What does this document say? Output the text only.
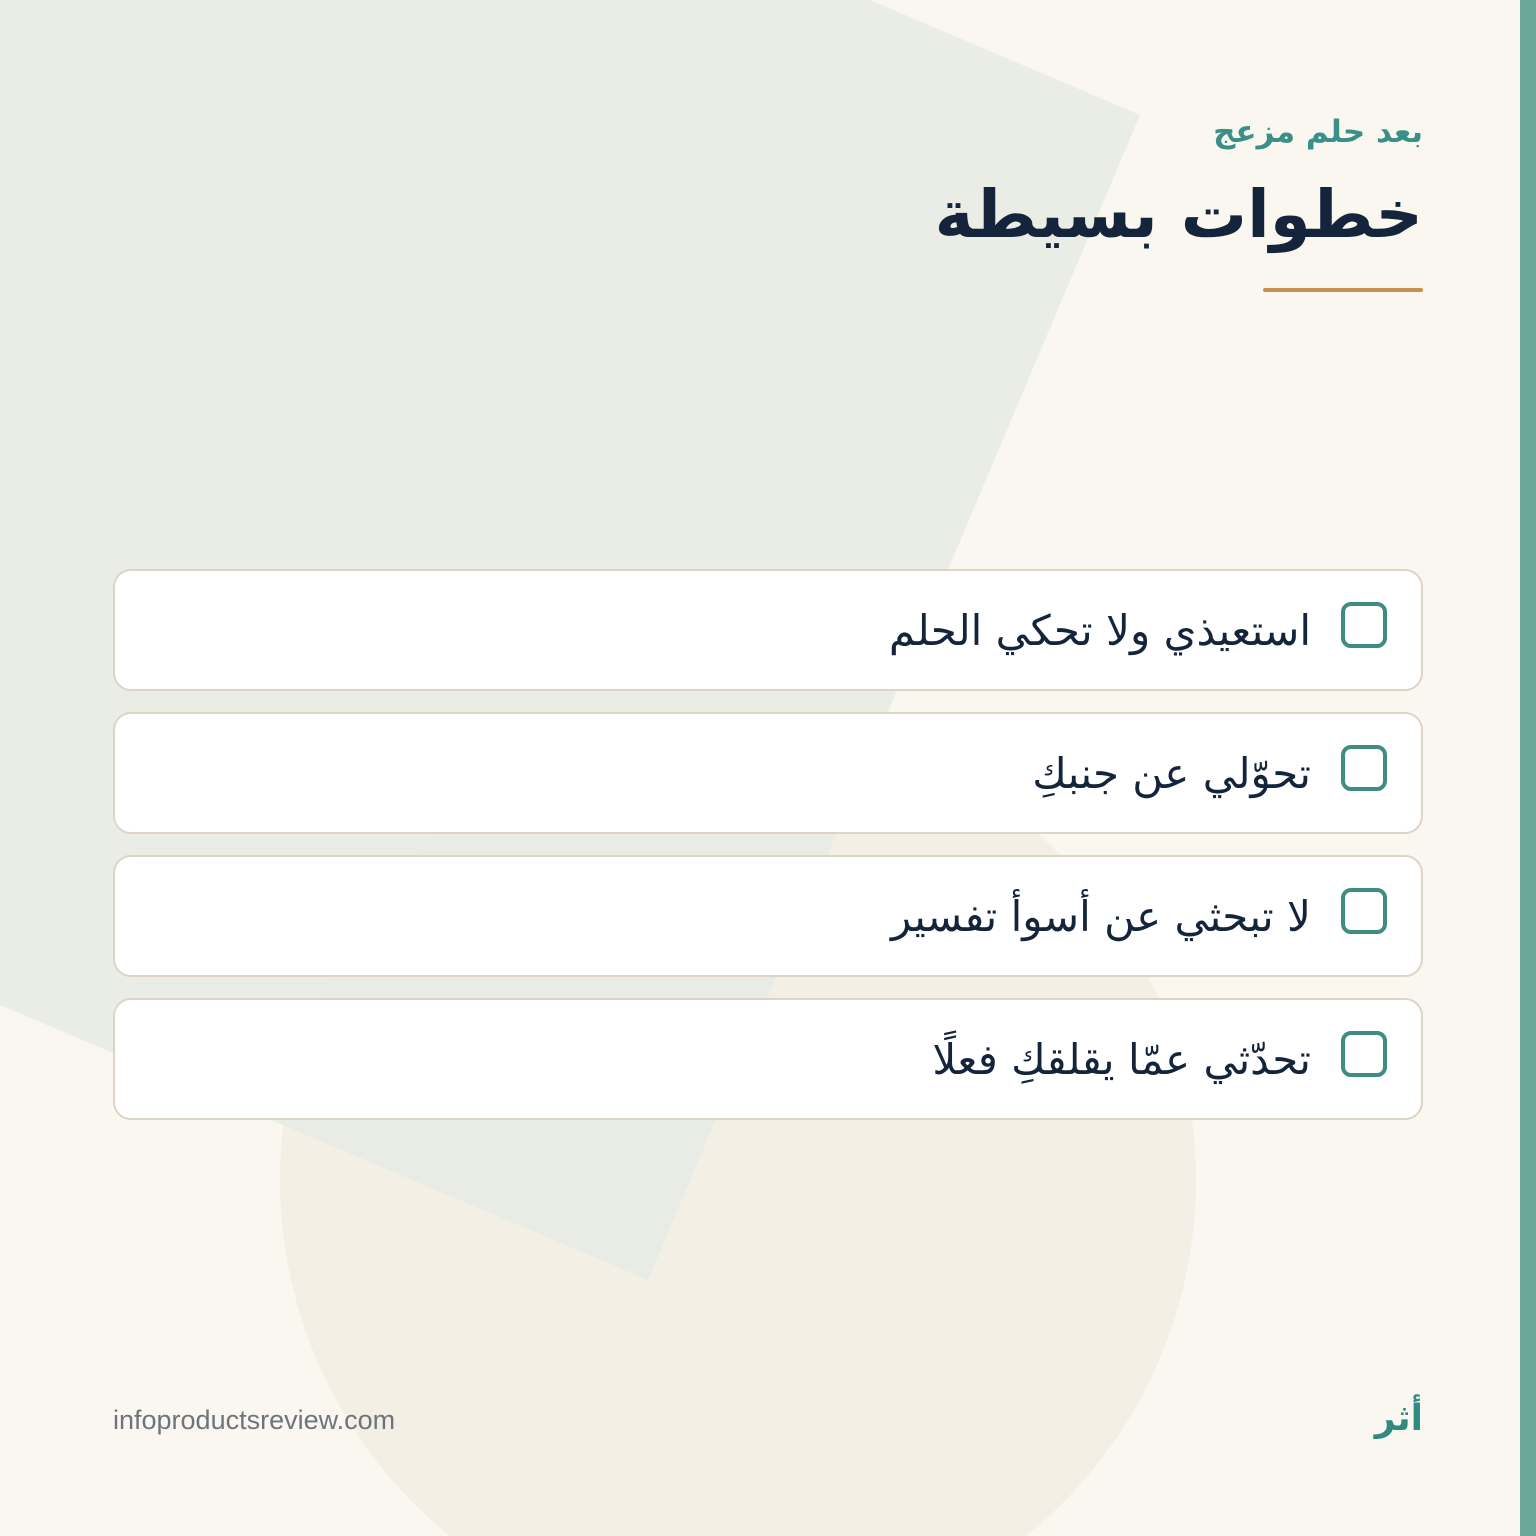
بعد حلم مزعج
خطوات بسيطة
استعيذي ولا تحكي الحلم
تحوّلي عن جنبكِ
لا تبحثي عن أسوأ تفسير
تحدّثي عمّا يقلقكِ فعلًا
infoproductsreview.com	أثر
